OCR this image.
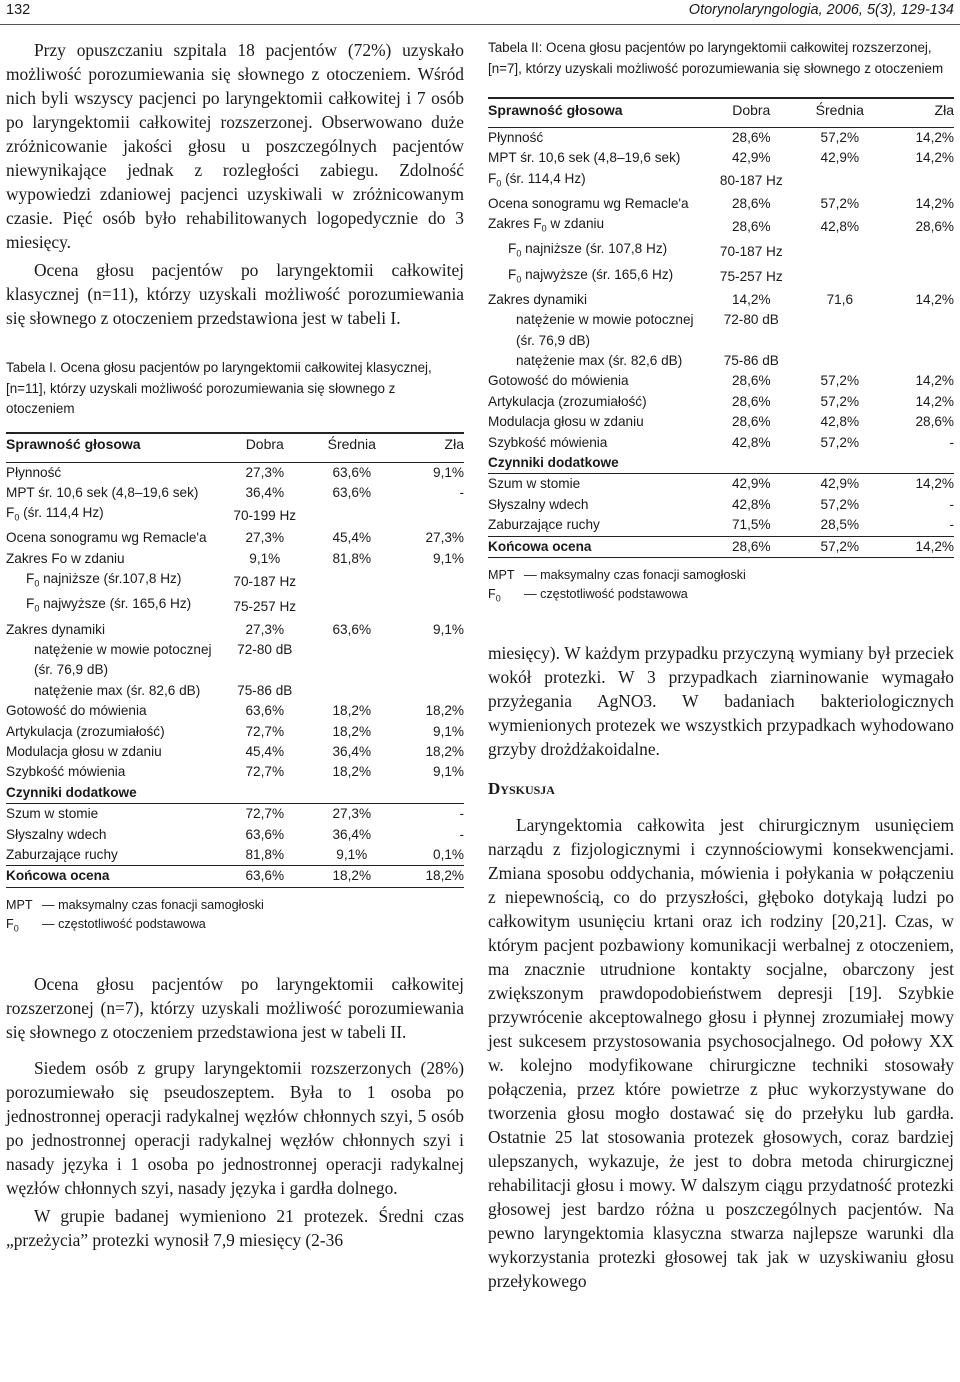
132	Otorynolaryngologia, 2006, 5(3), 129-134

Przy opuszczaniu szpitala 18 pacjentów (72%) uzyskało możliwość porozumiewania się słownego z otoczeniem. Wśród nich byli wszyscy pacjenci po laryngektomii całkowitej i 7 osób po laryngektomii całkowitej rozszerzonej. Obserwowano duże zróżnicowanie jakości głosu u poszczególnych pacjentów niewynikające jednak z rozległości zabiegu. Zdolność wypowiedzi zdaniowej pacjenci uzyskiwali w zróżnicowanym czasie. Pięć osób było rehabilitowanych logopedycznie do 3 miesięcy.

Ocena głosu pacjentów po laryngektomii całkowitej klasycznej (n=11), którzy uzyskali możliwość porozumiewania się słownego z otoczeniem przedstawiona jest w tabeli I.

Tabela I. Ocena głosu pacjentów po laryngektomii całkowitej klasycznej, [n=11], którzy uzyskali możliwość porozumiewania się słownego z otoczeniem

Sprawność głosowa	Dobra	Średnia	Zła

Płynność	27,3%	63,6%	9,1%
MPT śr. 10,6 sek (4,8–19,6 sek)	36,4%	63,6%	-
$F_0$ (śr. 114,4 Hz)	70-199 Hz		
Ocena sonogramu wg Remacle'a	27,3%	45,4%	27,3%
Zakres Fo w zdaniu	9,1%	81,8%	9,1%
$F_0$ najniższe (śr.107,8 Hz)	70-187 Hz		
$F_0$ najwyższe (śr. 165,6 Hz)	75-257 Hz		
Zakres dynamiki	27,3%	63,6%	9,1%
natężenie w mowie potocznej	72-80 dB		
(śr. 76,9 dB)			
natężenie max (śr. 82,6 dB)	75-86 dB		
Gotowość do mówienia	63,6%	18,2%	18,2%
Artykulacja (zrozumiałość)	72,7%	18,2%	9,1%
Modulacja głosu w zdaniu	45,4%	36,4%	18,2%
Szybkość mówienia	72,7%	18,2%	9,1%
Czynniki dodatkowe			
Szum w stomie	72,7%	27,3%	-
Słyszalny wdech	63,6%	36,4%	-
Zaburzające ruchy	81,8%	9,1%	0,1%
Końcowa ocena	63,6%	18,2%	18,2%
MPT — maksymalny czas fonacji samogłoski
$F_0$ — częstotliwość podstawowa

Ocena głosu pacjentów po laryngektomii całkowitej rozszerzonej (n=7), którzy uzyskali możliwość porozumiewania się słownego z otoczeniem przedstawiona jest w tabeli II.

Siedem osób z grupy laryngektomii rozszerzonych (28%) porozumiewało się pseudoszeptem. Była to 1 osoba po jednostronnej operacji radykalnej węzłów chłonnych szyi, 5 osób po jednostronnej operacji radykalnej węzłów chłonnych szyi i nasady języka i 1 osoba po jednostronnej operacji radykalnej węzłów chłonnych szyi, nasady języka i gardła dolnego.

W grupie badanej wymieniono 21 protezek. Średni czas „przeżycia” protezki wynosił 7,9 miesięcy (2-36

Tabela II: Ocena głosu pacjentów po laryngektomii całkowitej rozszerzonej, [n=7], którzy uzyskali możliwość porozumiewania się słownego z otoczeniem

Sprawność głosowa	Dobra	Średnia	Zła

Płynność	28,6%	57,2%	14,2%
MPT śr. 10,6 sek (4,8–19,6 sek)	42,9%	42,9%	14,2%
$F_0$ (śr. 114,4 Hz)	80-187 Hz		
Ocena sonogramu wg Remacle'a	28,6%	57,2%	14,2%
Zakres $F_0$ w zdaniu	28,6%	42,8%	28,6%
$F_0$ najniższe (śr. 107,8 Hz)	70-187 Hz		
$F_0$ najwyższe (śr. 165,6 Hz)	75-257 Hz		
Zakres dynamiki	14,2%	71,6	14,2%
natężenie w mowie potocznej	72-80 dB		
(śr. 76,9 dB)			
natężenie max (śr. 82,6 dB)	75-86 dB		
Gotowość do mówienia	28,6%	57,2%	14,2%
Artykulacja (zrozumiałość)	28,6%	57,2%	14,2%
Modulacja głosu w zdaniu	28,6%	42,8%	28,6%
Szybkość mówienia	42,8%	57,2%	-
Czynniki dodatkowe			
Szum w stomie	42,9%	42,9%	14,2%
Słyszalny wdech	42,8%	57,2%	-
Zaburzające ruchy	71,5%	28,5%	-
Końcowa ocena	28,6%	57,2%	14,2%
MPT — maksymalny czas fonacji samogłoski
$F_0$ — częstotliwość podstawowa

miesięcy). W każdym przypadku przyczyną wymiany był przeciek wokół protezki. W 3 przypadkach ziarninowanie wymagało przyżegania AgNO3. W badaniach bakteriologicznych wymienionych protezek we wszystkich przypadkach wyhodowano grzyby drożdżakoidalne.

Dyskusja

Laryngektomia całkowita jest chirurgicznym usunięciem narządu z fizjologicznymi i czynnościowymi konsekwencjami. Zmiana sposobu oddychania, mówienia i połykania w połączeniu z niepewnością, co do przyszłości, głęboko dotykają ludzi po całkowitym usunięciu krtani oraz ich rodziny [20,21]. Czas, w którym pacjent pozbawiony komunikacji werbalnej z otoczeniem, ma znacznie utrudnione kontakty socjalne, obarczony jest zwiększonym prawdopodobieństwem depresji [19]. Szybkie przywrócenie akceptowalnego głosu i płynnej zrozumiałej mowy jest sukcesem przystosowania psychosocjalnego. Od połowy XX w. kolejno modyfikowane chirurgiczne techniki stosowały połączenia, przez które powietrze z płuc wykorzystywane do tworzenia głosu mogło dostawać się do przełyku lub gardła. Ostatnie 25 lat stosowania protezek głosowych, coraz bardziej ulepszanych, wykazuje, że jest to dobra metoda chirurgicznej rehabilitacji głosu i mowy. W dalszym ciągu przydatność protezki głosowej jest bardzo różna u poszczególnych pacjentów. Na pewno laryngektomia klasyczna stwarza najlepsze warunki dla wykorzystania protezki głosowej tak jak w uzyskiwaniu głosu przełykowego
